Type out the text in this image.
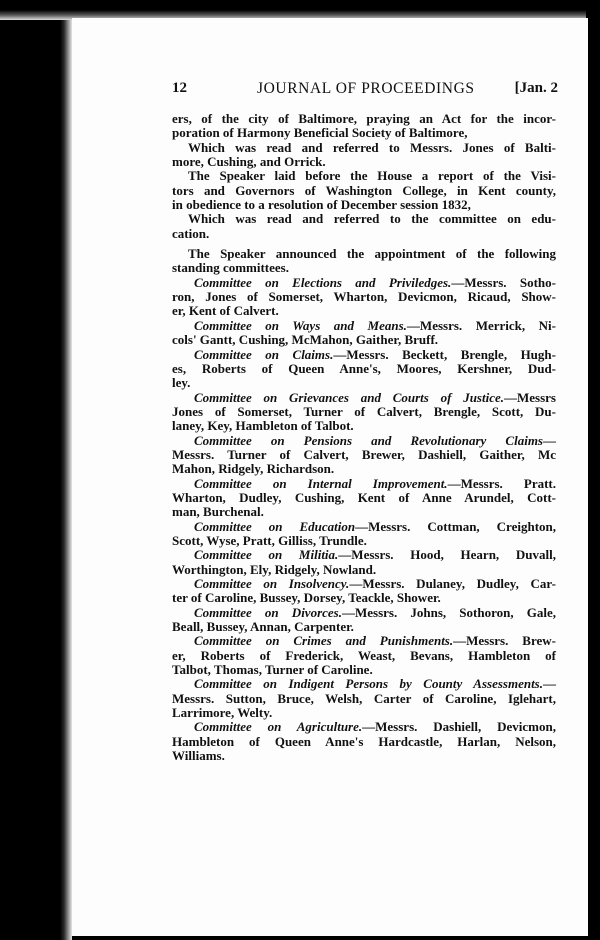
12	JOURNAL OF PROCEEDINGS	[Jan. 2
ers, of the city of Baltimore, praying an Act for the incor-
poration of Harmony Beneficial Society of Baltimore,
Which was read and referred to Messrs. Jones of Balti-
more, Cushing, and Orrick.
The Speaker laid before the House a report of the Visi-
tors and Governors of Washington College, in Kent county,
in obedience to a resolution of December session 1832,
Which was read and referred to the committee on edu-
cation.
The Speaker announced the appointment of the following
standing committees.
Committee on Elections and Priviledges.—Messrs. Sotho-
ron, Jones of Somerset, Wharton, Devicmon, Ricaud, Show-
er, Kent of Calvert.
Committee on Ways and Means.—Messrs. Merrick, Ni-
cols' Gantt, Cushing, McMahon, Gaither, Bruff.
Committee on Claims.—Messrs. Beckett, Brengle, Hugh-
es, Roberts of Queen Anne's, Moores, Kershner, Dud-
ley.
Committee on Grievances and Courts of Justice.—Messrs
Jones of Somerset, Turner of Calvert, Brengle, Scott, Du-
laney, Key, Hambleton of Talbot.
Committee on Pensions and Revolutionary Claims—
Messrs. Turner of Calvert, Brewer, Dashiell, Gaither, Mc
Mahon, Ridgely, Richardson.
Committee on Internal Improvement.—Messrs. Pratt.
Wharton, Dudley, Cushing, Kent of Anne Arundel, Cott-
man, Burchenal.
Committee on Education—Messrs. Cottman, Creighton,
Scott, Wyse, Pratt, Gilliss, Trundle.
Committee on Militia.—Messrs. Hood, Hearn, Duvall,
Worthington, Ely, Ridgely, Nowland.
Committee on Insolvency.—Messrs. Dulaney, Dudley, Car-
ter of Caroline, Bussey, Dorsey, Teackle, Shower.
Committee on Divorces.—Messrs. Johns, Sothoron, Gale,
Beall, Bussey, Annan, Carpenter.
Committee on Crimes and Punishments.—Messrs. Brew-
er, Roberts of Frederick, Weast, Bevans, Hambleton of
Talbot, Thomas, Turner of Caroline.
Committee on Indigent Persons by County Assessments.—
Messrs. Sutton, Bruce, Welsh, Carter of Caroline, Iglehart,
Larrimore, Welty.
Committee on Agriculture.—Messrs. Dashiell, Devicmon,
Hambleton of Queen Anne's Hardcastle, Harlan, Nelson,
Williams.
